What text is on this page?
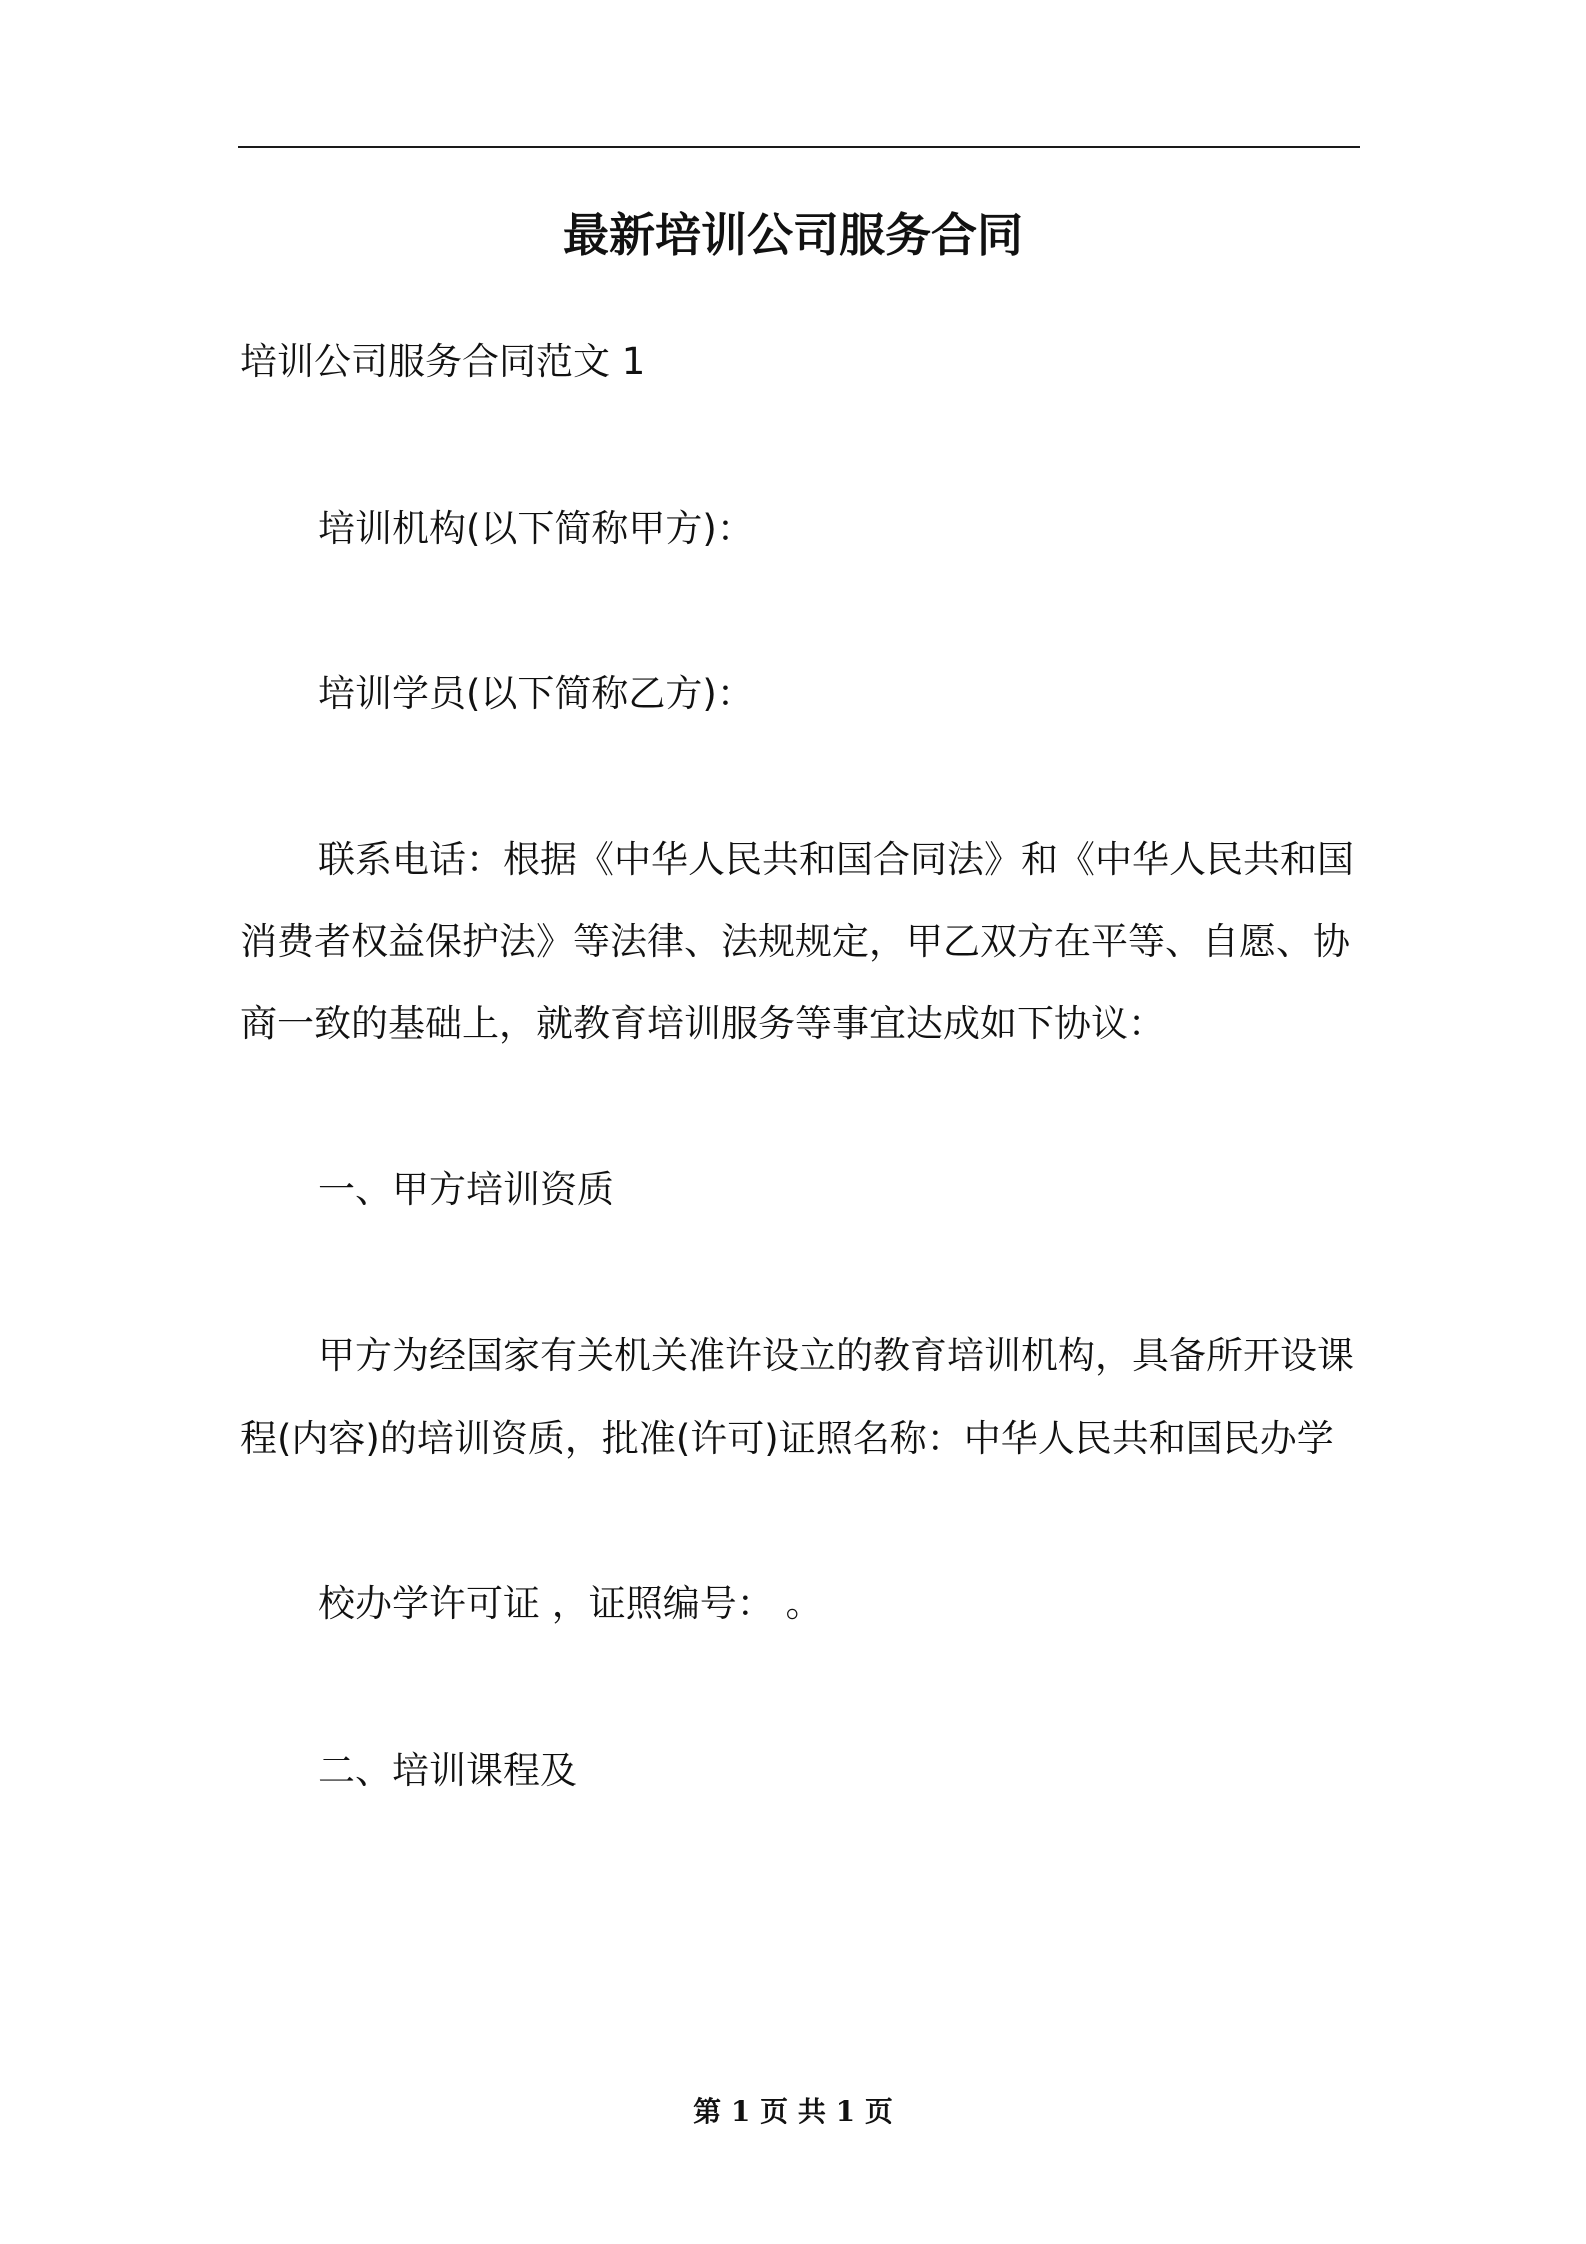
最新培训公司服务合同
培训公司服务合同范文 1
培训机构(以下简称甲方)：
培训学员(以下简称乙方)：
联系电话：根据《中华人民共和国合同法》和《中华人民共和国
消费者权益保护法》等法律、法规规定，甲乙双方在平等、自愿、协
商一致的基础上，就教育培训服务等事宜达成如下协议：
一、甲方培训资质
甲方为经国家有关机关准许设立的教育培训机构，具备所开设课
程(内容)的培训资质，批准(许可)证照名称：中华人民共和国民办学
校办学许可证 ，证照编号： 。
二、培训课程及
第 1 页 共 1 页
